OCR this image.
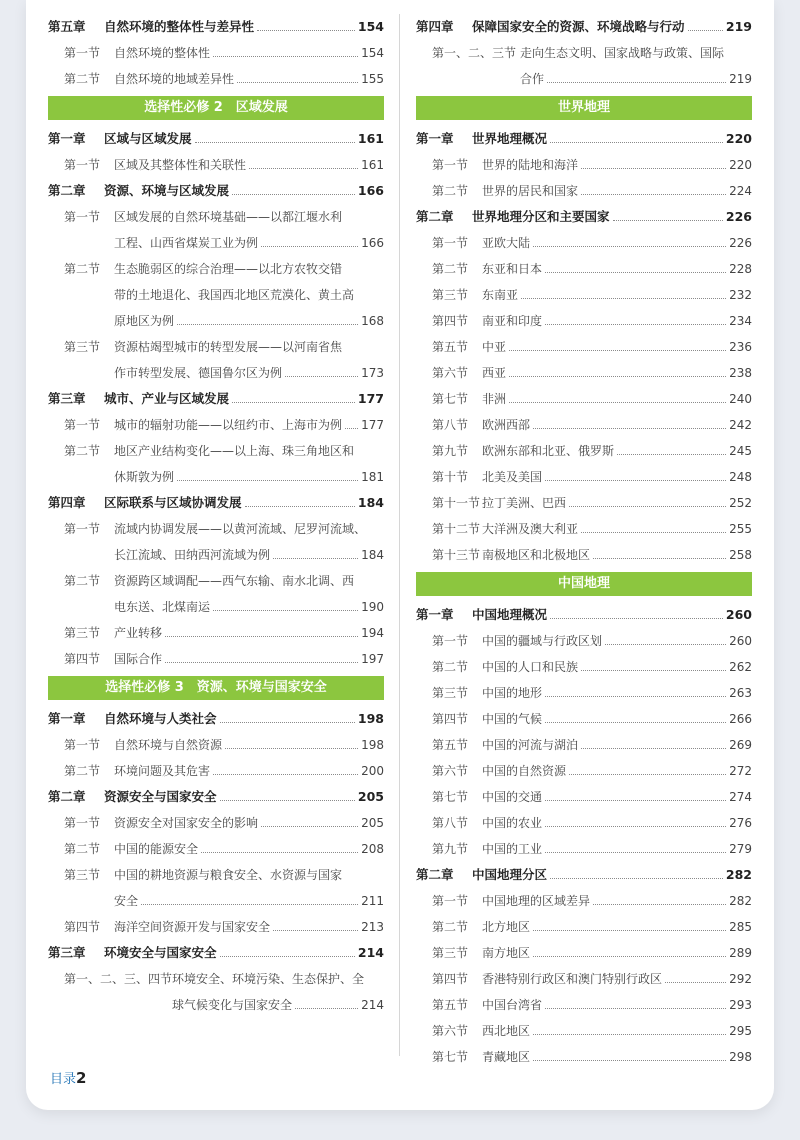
第五章 自然环境的整体性与差异性	154
第一节 自然环境的整体性	154
第二节 自然环境的地域差异性	155
选择性必修 2　区域发展
第一章 区域与区域发展	161
第一节 区域及其整体性和关联性	161
第二章 资源、环境与区域发展	166
第一节 区域发展的自然环境基础——以都江堰水利
工程、山西省煤炭工业为例	166
第二节 生态脆弱区的综合治理——以北方农牧交错
带的土地退化、我国西北地区荒漠化、黄土高
原地区为例	168
第三节 资源枯竭型城市的转型发展——以河南省焦
作市转型发展、德国鲁尔区为例	173
第三章 城市、产业与区域发展	177
第一节 城市的辐射功能——以纽约市、上海市为例 177
第二节 地区产业结构变化——以上海、珠三角地区和
休斯敦为例	181
第四章 区际联系与区域协调发展	184
第一节 流域内协调发展——以黄河流域、尼罗河流域、
长江流域、田纳西河流域为例	184
第二节 资源跨区域调配——西气东输、南水北调、西
电东送、北煤南运	190
第三节 产业转移	194
第四节 国际合作	197
选择性必修 3　资源、环境与国家安全
第一章 自然环境与人类社会	198
第一节 自然环境与自然资源	198
第二节 环境问题及其危害	200
第二章 资源安全与国家安全	205
第一节 资源安全对国家安全的影响	205
第二节 中国的能源安全	208
第三节 中国的耕地资源与粮食安全、水资源与国家
安全	211
第四节 海洋空间资源开发与国家安全	213
第三章 环境安全与国家安全	214
第一、二、三、四节 环境安全、环境污染、生态保护、全
球气候变化与国家安全	214
第四章 保障国家安全的资源、环境战略与行动	219
第一、二、三节 走向生态文明、国家战略与政策、国际
合作	219
世界地理
第一章 世界地理概况	220
第一节 世界的陆地和海洋	220
第二节 世界的居民和国家	224
第二章 世界地理分区和主要国家	226
第一节 亚欧大陆	226
第二节 东亚和日本	228
第三节 东南亚	232
第四节 南亚和印度	234
第五节 中亚	236
第六节 西亚	238
第七节 非洲	240
第八节 欧洲西部	242
第九节 欧洲东部和北亚、俄罗斯	245
第十节 北美及美国	248
第十一节 拉丁美洲、巴西	252
第十二节 大洋洲及澳大利亚	255
第十三节 南极地区和北极地区	258
中国地理
第一章 中国地理概况	260
第一节 中国的疆域与行政区划	260
第二节 中国的人口和民族	262
第三节 中国的地形	263
第四节 中国的气候	266
第五节 中国的河流与湖泊	269
第六节 中国的自然资源	272
第七节 中国的交通	274
第八节 中国的农业	276
第九节 中国的工业	279
第二章 中国地理分区	282
第一节 中国地理的区域差异	282
第二节 北方地区	285
第三节 南方地区	289
第四节 香港特别行政区和澳门特别行政区	292
第五节 中国台湾省	293
第六节 西北地区	295
第七节 青藏地区	298
目录2
